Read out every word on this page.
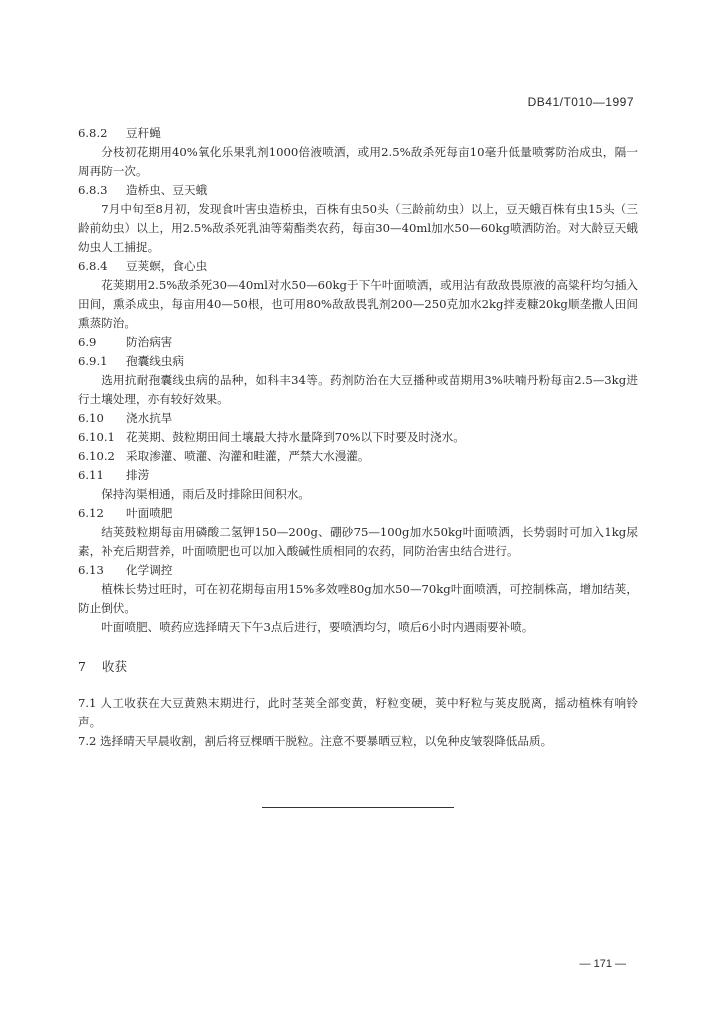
DB41/T010—1997

6.8.2 豆秆蝇

分枝初花期用40%氧化乐果乳剂1000倍液喷洒，或用2.5%敌杀死每亩10毫升低量喷雾防治成虫，隔一周再防一次。

6.8.3 造桥虫、豆天蛾

7月中旬至8月初，发现食叶害虫造桥虫，百株有虫50头（三龄前幼虫）以上，豆天蛾百株有虫15头（三龄前幼虫）以上，用2.5%敌杀死乳油等菊酯类农药，每亩30—40ml加水50—60kg喷洒防治。对大龄豆天蛾幼虫人工捕捉。

6.8.4 豆荚螟，食心虫

花荚期用2.5%敌杀死30—40ml对水50—60kg于下午叶面喷洒，或用沾有敌敌畏原液的高粱秆均匀插入田间，熏杀成虫，每亩用40—50根，也可用80%敌敌畏乳剂200—250克加水2kg拌麦糠20kg顺垄撒人田间熏蒸防治。

6.9	防治病害

6.9.1 孢囊线虫病

选用抗耐孢囊线虫病的品种，如科丰34等。药剂防治在大豆播种或苗期用3%呋喃丹粉每亩2.5—3kg进行土壤处理，亦有较好效果。

6.10 浇水抗旱

6.10.1 花荚期、鼓粒期田间土壤最大持水量降到70%以下时要及时浇水。

6.10.2 采取渗灌、喷灌、沟灌和畦灌，严禁大水漫灌。

6.11 排涝

保持沟渠相通，雨后及时排除田间积水。

6.12 叶面喷肥

结荚鼓粒期每亩用磷酸二氢钾150—200g、硼砂75—100g加水50kg叶面喷洒，长势弱时可加入1kg尿素，补充后期营养，叶面喷肥也可以加入酸碱性质相同的农药，同防治害虫结合进行。

6.13 化学调控

植株长势过旺时，可在初花期每亩用15%多效唑80g加水50—70kg叶面喷洒，可控制株高，增加结荚，防止倒伏。

叶面喷肥、喷药应选择晴天下午3点后进行，要喷洒均匀，喷后6小时内遇雨要补喷。

7 收获

7.1 人工收获在大豆黄熟末期进行，此时茎荚全部变黄，籽粒变硬，荚中籽粒与荚皮脱离，摇动植株有响铃声。

7.2 选择晴天早晨收割，割后将豆棵晒干脱粒。注意不要暴晒豆粒，以免种皮皱裂降低品质。

— 171 —
